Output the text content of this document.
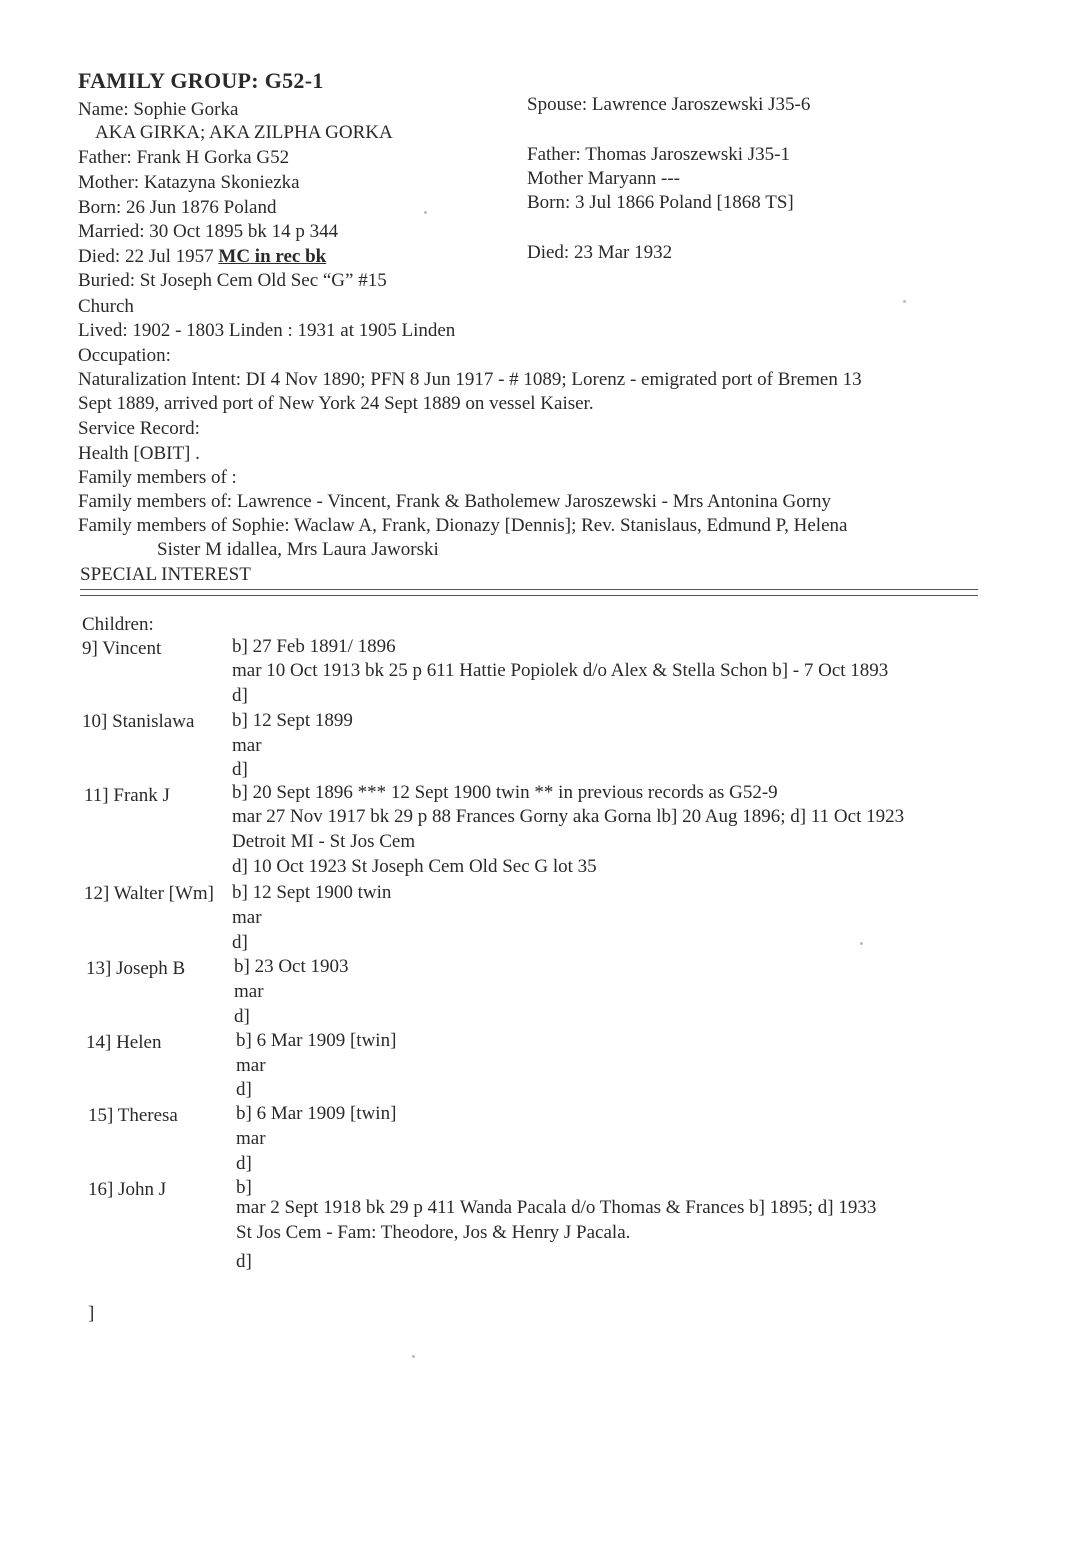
FAMILY GROUP: G52-1
Name: Sophie Gorka
AKA GIRKA; AKA ZILPHA GORKA
Father: Frank H Gorka G52
Mother: Katazyna Skoniezka
Born: 26 Jun 1876 Poland
Married: 30 Oct 1895 bk 14 p 344
Died: 22 Jul 1957 MC in rec bk
Buried: St Joseph Cem Old Sec “G” #15
Church
Lived: 1902 - 1803 Linden : 1931 at 1905 Linden
Occupation:
Naturalization Intent: DI 4 Nov 1890; PFN 8 Jun 1917 - # 1089; Lorenz - emigrated port of Bremen 13
Sept 1889, arrived port of New York 24 Sept 1889 on vessel Kaiser.
Service Record:
Health [OBIT] .
Family members of :
Family members of: Lawrence - Vincent, Frank & Batholemew Jaroszewski - Mrs Antonina Gorny
Family members of Sophie: Waclaw A, Frank, Dionazy [Dennis]; Rev. Stanislaus, Edmund P, Helena
Sister M idallea, Mrs Laura Jaworski
SPECIAL INTEREST
Spouse: Lawrence Jaroszewski J35-6
Father: Thomas Jaroszewski J35-1
Mother Maryann ---
Born: 3 Jul 1866 Poland [1868 TS]
Died: 23 Mar 1932
Children:
9] Vincent	b] 27 Feb 1891/ 1896
mar 10 Oct 1913 bk 25 p 611 Hattie Popiolek d/o Alex & Stella Schon b] - 7 Oct 1893
d]
10] Stanislawa b] 12 Sept 1899
mar
d]
11] Frank J	b] 20 Sept 1896 *** 12 Sept 1900 twin ** in previous records as G52-9
mar 27 Nov 1917 bk 29 p 88 Frances Gorny aka Gorna lb] 20 Aug 1896; d] 11 Oct 1923
Detroit MI - St Jos Cem
d] 10 Oct 1923 St Joseph Cem Old Sec G lot 35
12] Walter [Wm] b] 12 Sept 1900 twin
mar
d]
13] Joseph B	b] 23 Oct 1903
mar
d]
14] Helen	b] 6 Mar 1909 [twin]
mar
d]
15] Theresa	b] 6 Mar 1909 [twin]
mar
d]
16] John J	b]
mar 2 Sept 1918 bk 29 p 411 Wanda Pacala d/o Thomas & Frances b] 1895; d] 1933
St Jos Cem - Fam: Theodore, Jos & Henry J Pacala.
d]
]
